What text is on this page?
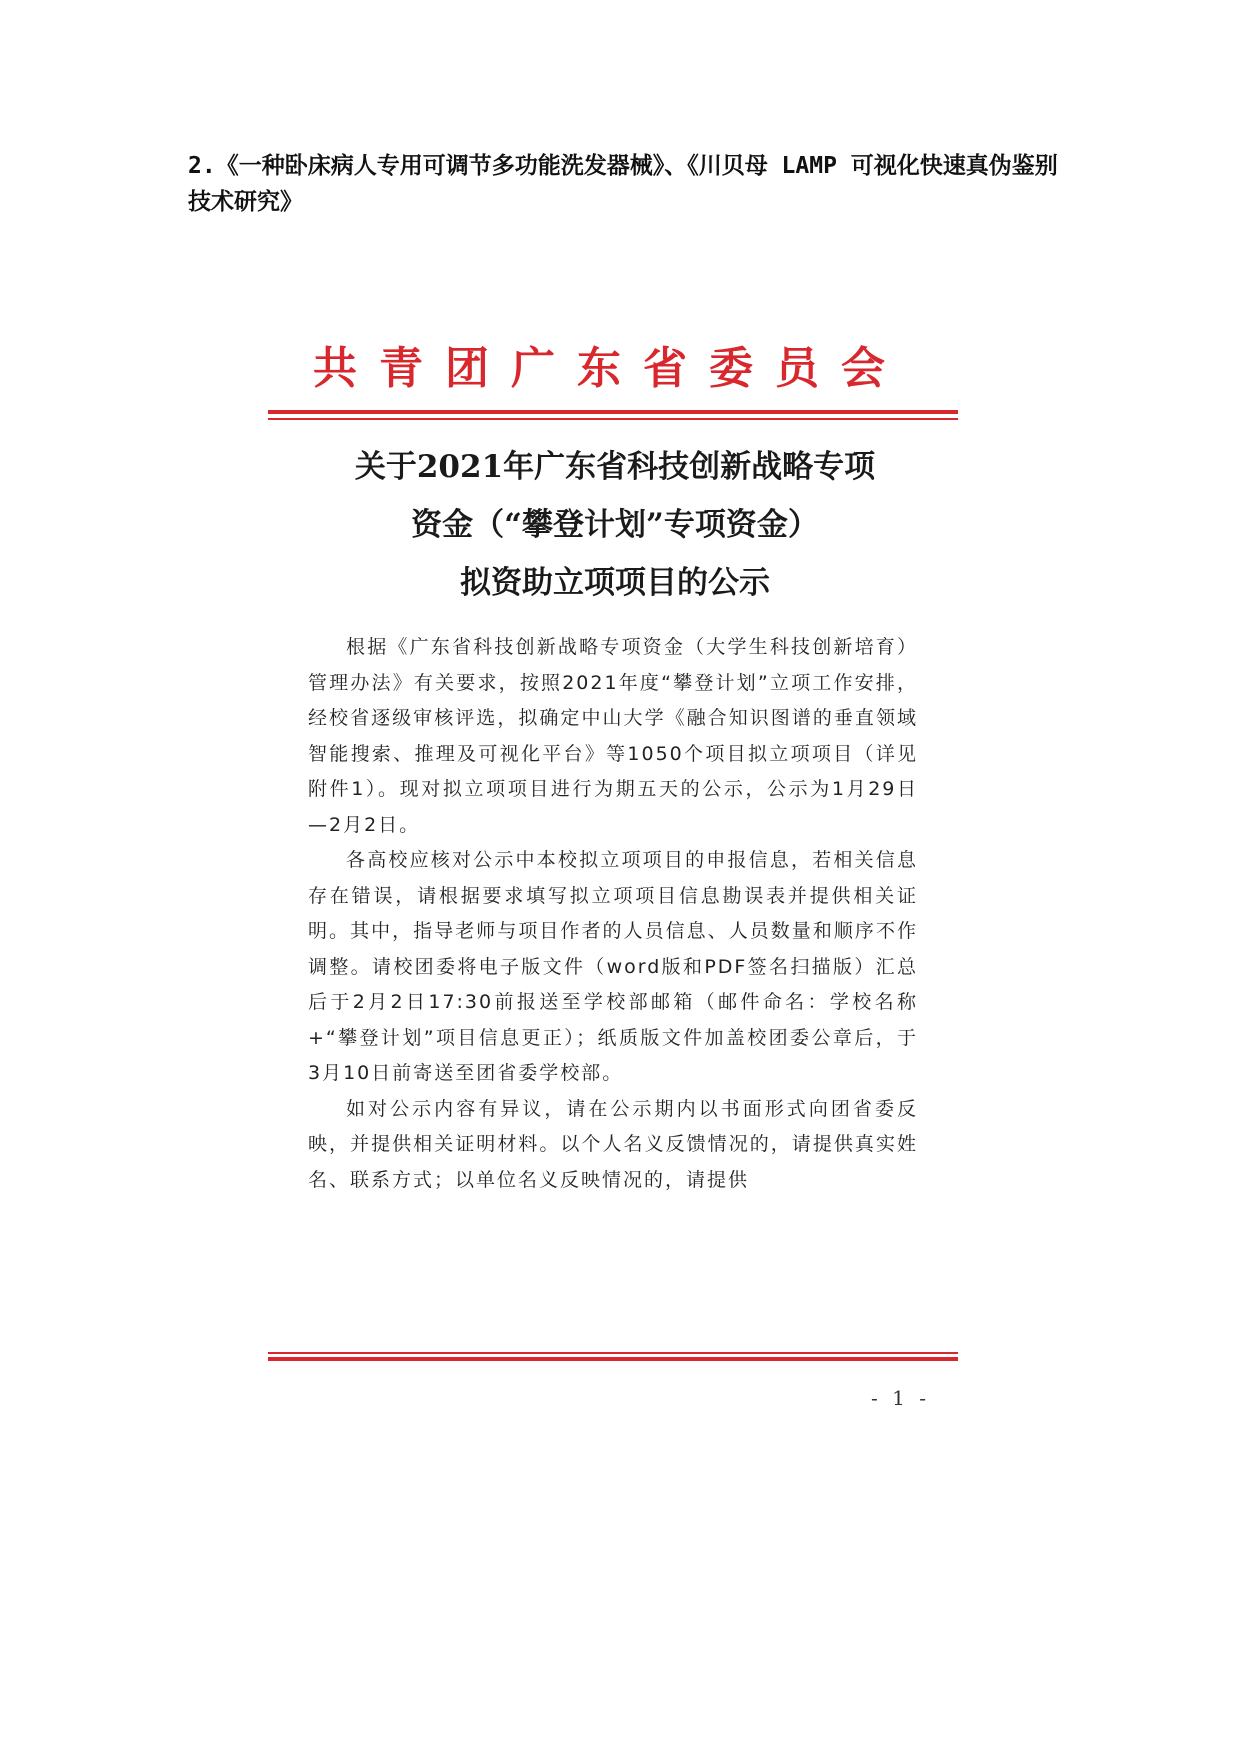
2.《一种卧床病人专用可调节多功能洗发器械》、《川贝母 LAMP 可视化快速真伪鉴别技术研究》

共青团广东省委员会
关于2021年广东省科技创新战略专项
资金（“攀登计划”专项资金）
拟资助立项项目的公示

根据《广东省科技创新战略专项资金（大学生科技创新培育）管理办法》有关要求，按照2021年度“攀登计划”立项工作安排，经校省逐级审核评选，拟确定中山大学《融合知识图谱的垂直领域智能搜索、推理及可视化平台》等1050个项目拟立项项目（详见附件1）。现对拟立项项目进行为期五天的公示，公示为1月29日—2月2日。

各高校应核对公示中本校拟立项项目的申报信息，若相关信息存在错误，请根据要求填写拟立项项目信息勘误表并提供相关证明。其中，指导老师与项目作者的人员信息、人员数量和顺序不作调整。请校团委将电子版文件（word版和PDF签名扫描版）汇总后于2月2日17:30前报送至学校部邮箱（邮件命名：学校名称+“攀登计划”项目信息更正）；纸质版文件加盖校团委公章后，于3月10日前寄送至团省委学校部。

如对公示内容有异议，请在公示期内以书面形式向团省委反映，并提供相关证明材料。以个人名义反馈情况的，请提供真实姓名、联系方式；以单位名义反映情况的，请提供

- 1 -
